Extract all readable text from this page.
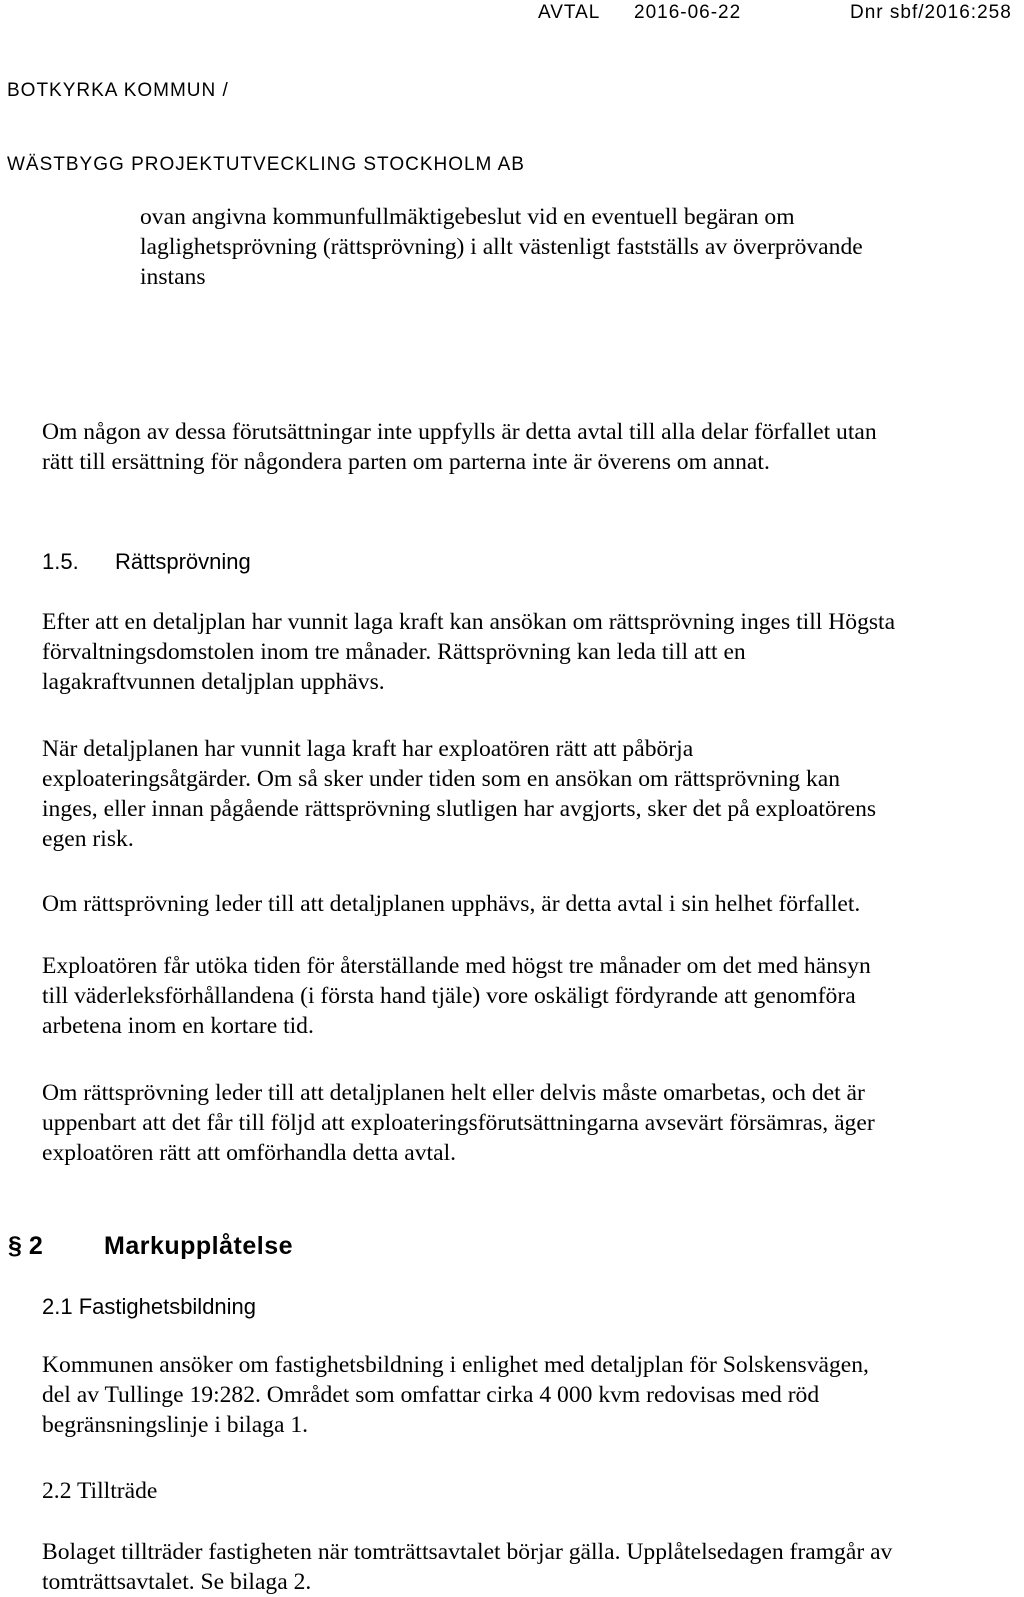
AVTAL 2016-06-22	Dnr sbf/2016:258
BOTKYRKA KOMMUN /
WÄSTBYGG PROJEKTUTVECKLING STOCKHOLM AB

ovan angivna kommunfullmäktigebeslut vid en eventuell begäran om
laglighetsprövning (rättsprövning) i allt västenligt fastställs av överprövande
instans

Om någon av dessa förutsättningar inte uppfylls är detta avtal till alla delar förfallet utan
rätt till ersättning för någondera parten om parterna inte är överens om annat.

1.5. Rättsprövning

Efter att en detaljplan har vunnit laga kraft kan ansökan om rättsprövning inges till Högsta
förvaltningsdomstolen inom tre månader. Rättsprövning kan leda till att en
lagakraftvunnen detaljplan upphävs.

När detaljplanen har vunnit laga kraft har exploatören rätt att påbörja
exploateringsåtgärder. Om så sker under tiden som en ansökan om rättsprövning kan
inges, eller innan pågående rättsprövning slutligen har avgjorts, sker det på exploatörens
egen risk.

Om rättsprövning leder till att detaljplanen upphävs, är detta avtal i sin helhet förfallet.

Exploatören får utöka tiden för återställande med högst tre månader om det med hänsyn
till väderleksförhållandena (i första hand tjäle) vore oskäligt fördyrande att genomföra
arbetena inom en kortare tid.

Om rättsprövning leder till att detaljplanen helt eller delvis måste omarbetas, och det är
uppenbart att det får till följd att exploateringsförutsättningarna avsevärt försämras, äger
exploatören rätt att omförhandla detta avtal.

§ 2 Markupplåtelse
2.1 Fastighetsbildning

Kommunen ansöker om fastighetsbildning i enlighet med detaljplan för Solskensvägen,
del av Tullinge 19:282. Området som omfattar cirka 4 000 kvm redovisas med röd
begränsningslinje i bilaga 1.

2.2 Tillträde

Bolaget tillträder fastigheten när tomträttsavtalet börjar gälla. Upplåtelsedagen framgår av
tomträttsavtalet. Se bilaga 2.
